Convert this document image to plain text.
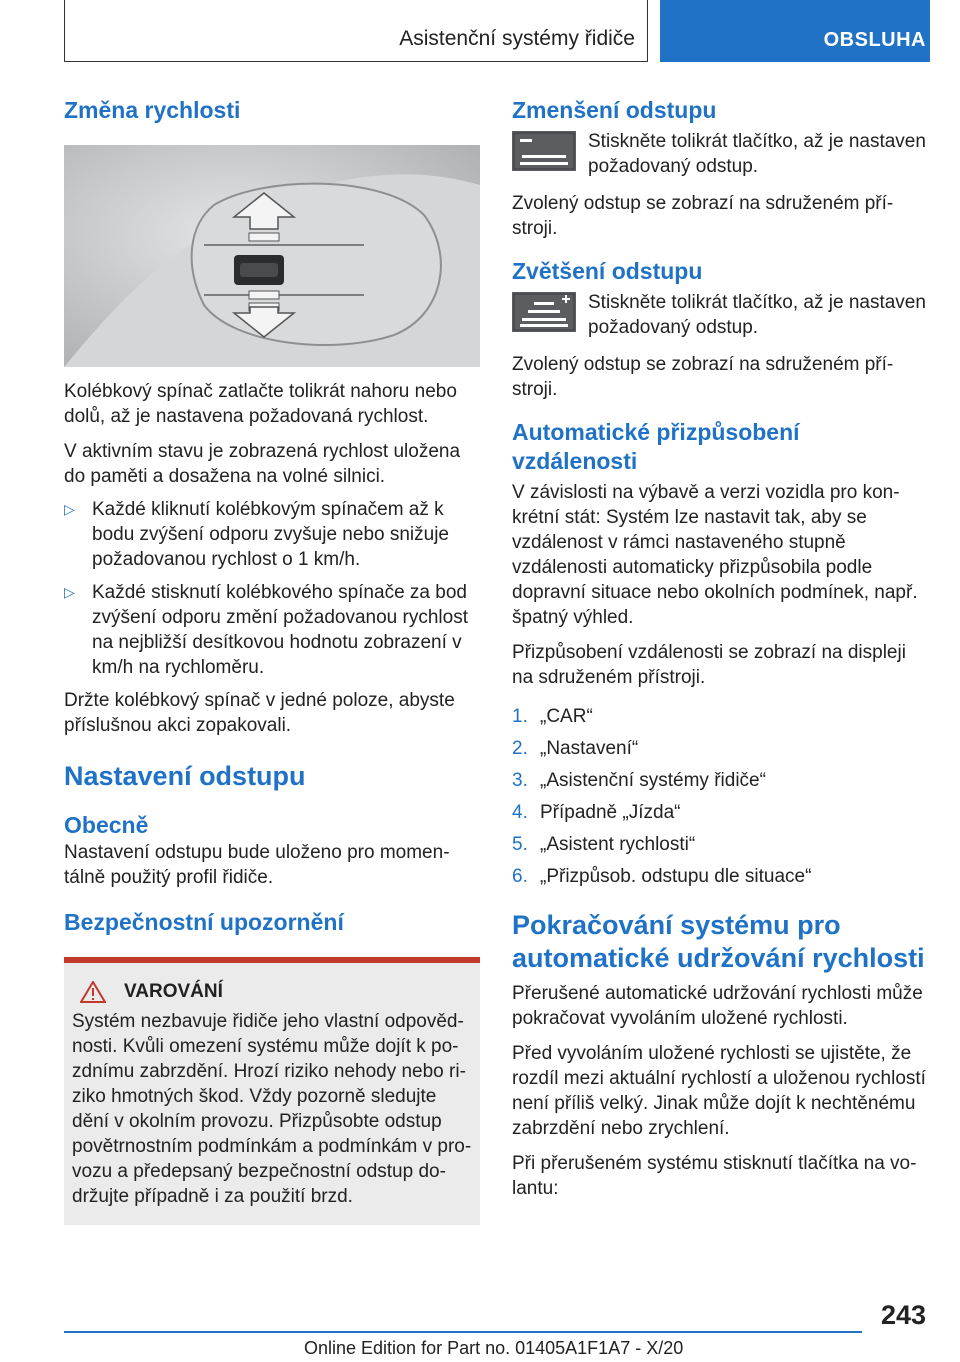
Asistenční systémy řidiče	OBSLUHA
Změna rychlosti

Kolébkový spínač zatlačte tolikrát nahoru nebo dolů, až je nastavena požadovaná rychlost.

V aktivním stavu je zobrazená rychlost uložena do paměti a dosažena na volné silnici.

▷ Každé kliknutí kolébkovým spínačem až k bodu zvýšení odporu zvyšuje nebo snižuje požadovanou rychlost o 1 km/h.
▷ Každé stisknutí kolébkového spínače za bod zvýšení odporu změní požadovanou rychlost na nejbližší desítkovou hodnotu zobrazení v km/h na rychloměru.

Držte kolébkový spínač v jedné poloze, abyste příslušnou akci zopakovali.

Nastavení odstupu
Obecně

Nastavení odstupu bude uloženo pro momentálně použitý profil řidiče.

Bezpečnostní upozornění
VAROVÁNÍ

Systém nezbavuje řidiče jeho vlastní odpovědnosti. Kvůli omezení systému může dojít k pozdnímu zabrzdění. Hrozí riziko nehody nebo riziko hmotných škod. Vždy pozorně sledujte dění v okolním provozu. Přizpůsobte odstup povětrnostním podmínkám a podmínkám v provozu a předepsaný bezpečnostní odstup dodržujte případně i za použití brzd.

Zmenšení odstupu

Stiskněte tolikrát tlačítko, až je nastaven požadovaný odstup.

Zvolený odstup se zobrazí na sdruženém přístroji.

Zvětšení odstupu

Stiskněte tolikrát tlačítko, až je nastaven požadovaný odstup.

Zvolený odstup se zobrazí na sdruženém přístroji.

Automatické přizpůsobení vzdálenosti

V závislosti na výbavě a verzi vozidla pro konkrétní stát: Systém lze nastavit tak, aby se vzdálenost v rámci nastaveného stupně vzdálenosti automaticky přizpůsobila podle dopravní situace nebo okolních podmínek, např. špatný výhled.

Přizpůsobení vzdálenosti se zobrazí na displeji na sdruženém přístroji.

1. „CAR“
2. „Nastavení“
3. „Asistenční systémy řidiče“
4. Případně „Jízda“
5. „Asistent rychlosti“
6. „Přizpůsob. odstupu dle situace“
Pokračování systému pro automatické udržování rychlosti

Přerušené automatické udržování rychlosti může pokračovat vyvoláním uložené rychlosti.

Před vyvoláním uložené rychlosti se ujistěte, že rozdíl mezi aktuální rychlostí a uloženou rychlostí není příliš velký. Jinak může dojít k nechtěnému zabrzdění nebo zrychlení.

Při přerušeném systému stisknutí tlačítka na volantu:

243
Online Edition for Part no. 01405A1F1A7 - X/20
